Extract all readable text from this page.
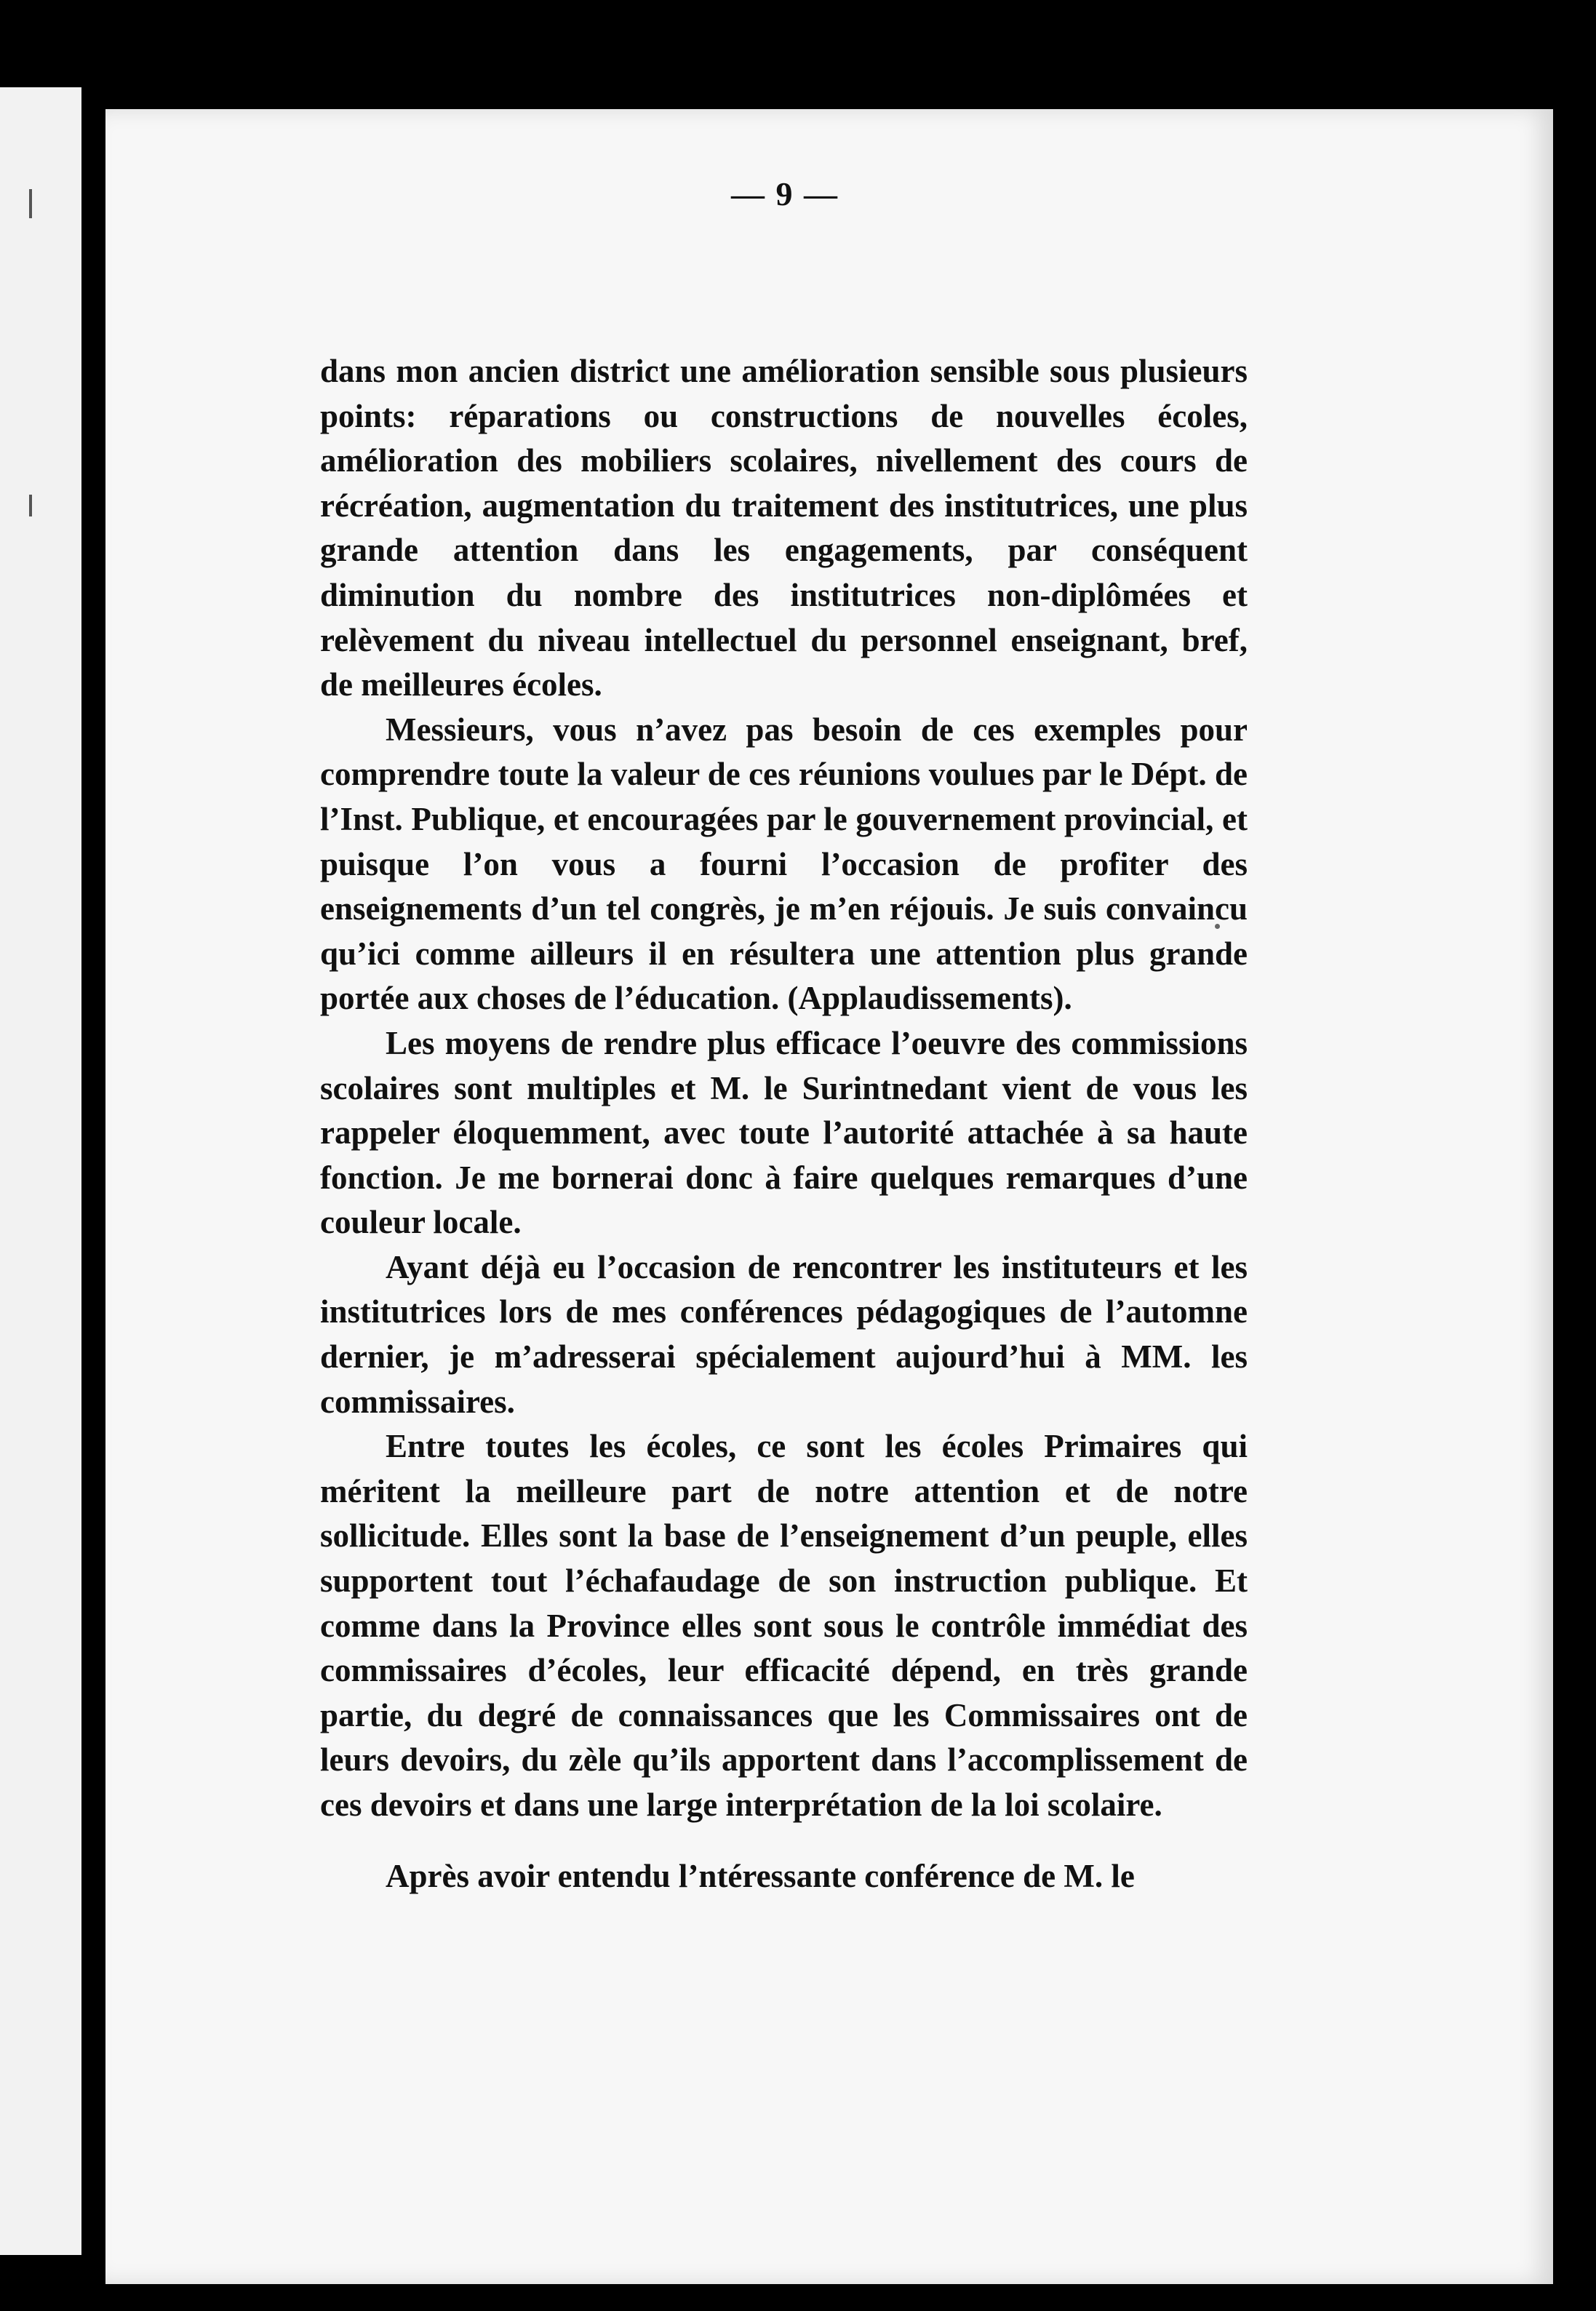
— 9 —

dans mon ancien district une amélioration sensible sous plusieurs points: réparations ou constructions de nouvelles écoles, amélioration des mobiliers scolaires, nivellement des cours de récréation, augmentation du traitement des institutrices, une plus grande attention dans les engagements, par conséquent diminution du nombre des institutrices non-diplômées et relèvement du niveau intellectuel du personnel enseignant, bref, de meilleures écoles.

Messieurs, vous n’avez pas besoin de ces exemples pour comprendre toute la valeur de ces réunions voulues par le Dépt. de l’Inst. Publique, et encouragées par le gouvernement provincial, et puisque l’on vous a fourni l’occasion de profiter des enseignements d’un tel congrès, je m’en réjouis. Je suis convaincu qu’ici comme ailleurs il en résultera une attention plus grande portée aux choses de l’éducation. (Applaudissements).

Les moyens de rendre plus efficace l’oeuvre des commissions scolaires sont multiples et M. le Surintnedant vient de vous les rappeler éloquemment, avec toute l’autorité attachée à sa haute fonction. Je me bornerai donc à faire quelques remarques d’une couleur locale.

Ayant déjà eu l’occasion de rencontrer les instituteurs et les institutrices lors de mes conférences pédagogiques de l’automne dernier, je m’adresserai spécialement aujourd’hui à MM. les commissaires.

Entre toutes les écoles, ce sont les écoles Primaires qui méritent la meilleure part de notre attention et de notre sollicitude. Elles sont la base de l’enseignement d’un peuple, elles supportent tout l’échafaudage de son instruction publique. Et comme dans la Province elles sont sous le contrôle immédiat des commissaires d’écoles, leur efficacité dépend, en très grande partie, du degré de connaissances que les Commissaires ont de leurs devoirs, du zèle qu’ils apportent dans l’accomplissement de ces devoirs et dans une large interprétation de la loi scolaire.

Après avoir entendu l’ntéressante conférence de M. le
